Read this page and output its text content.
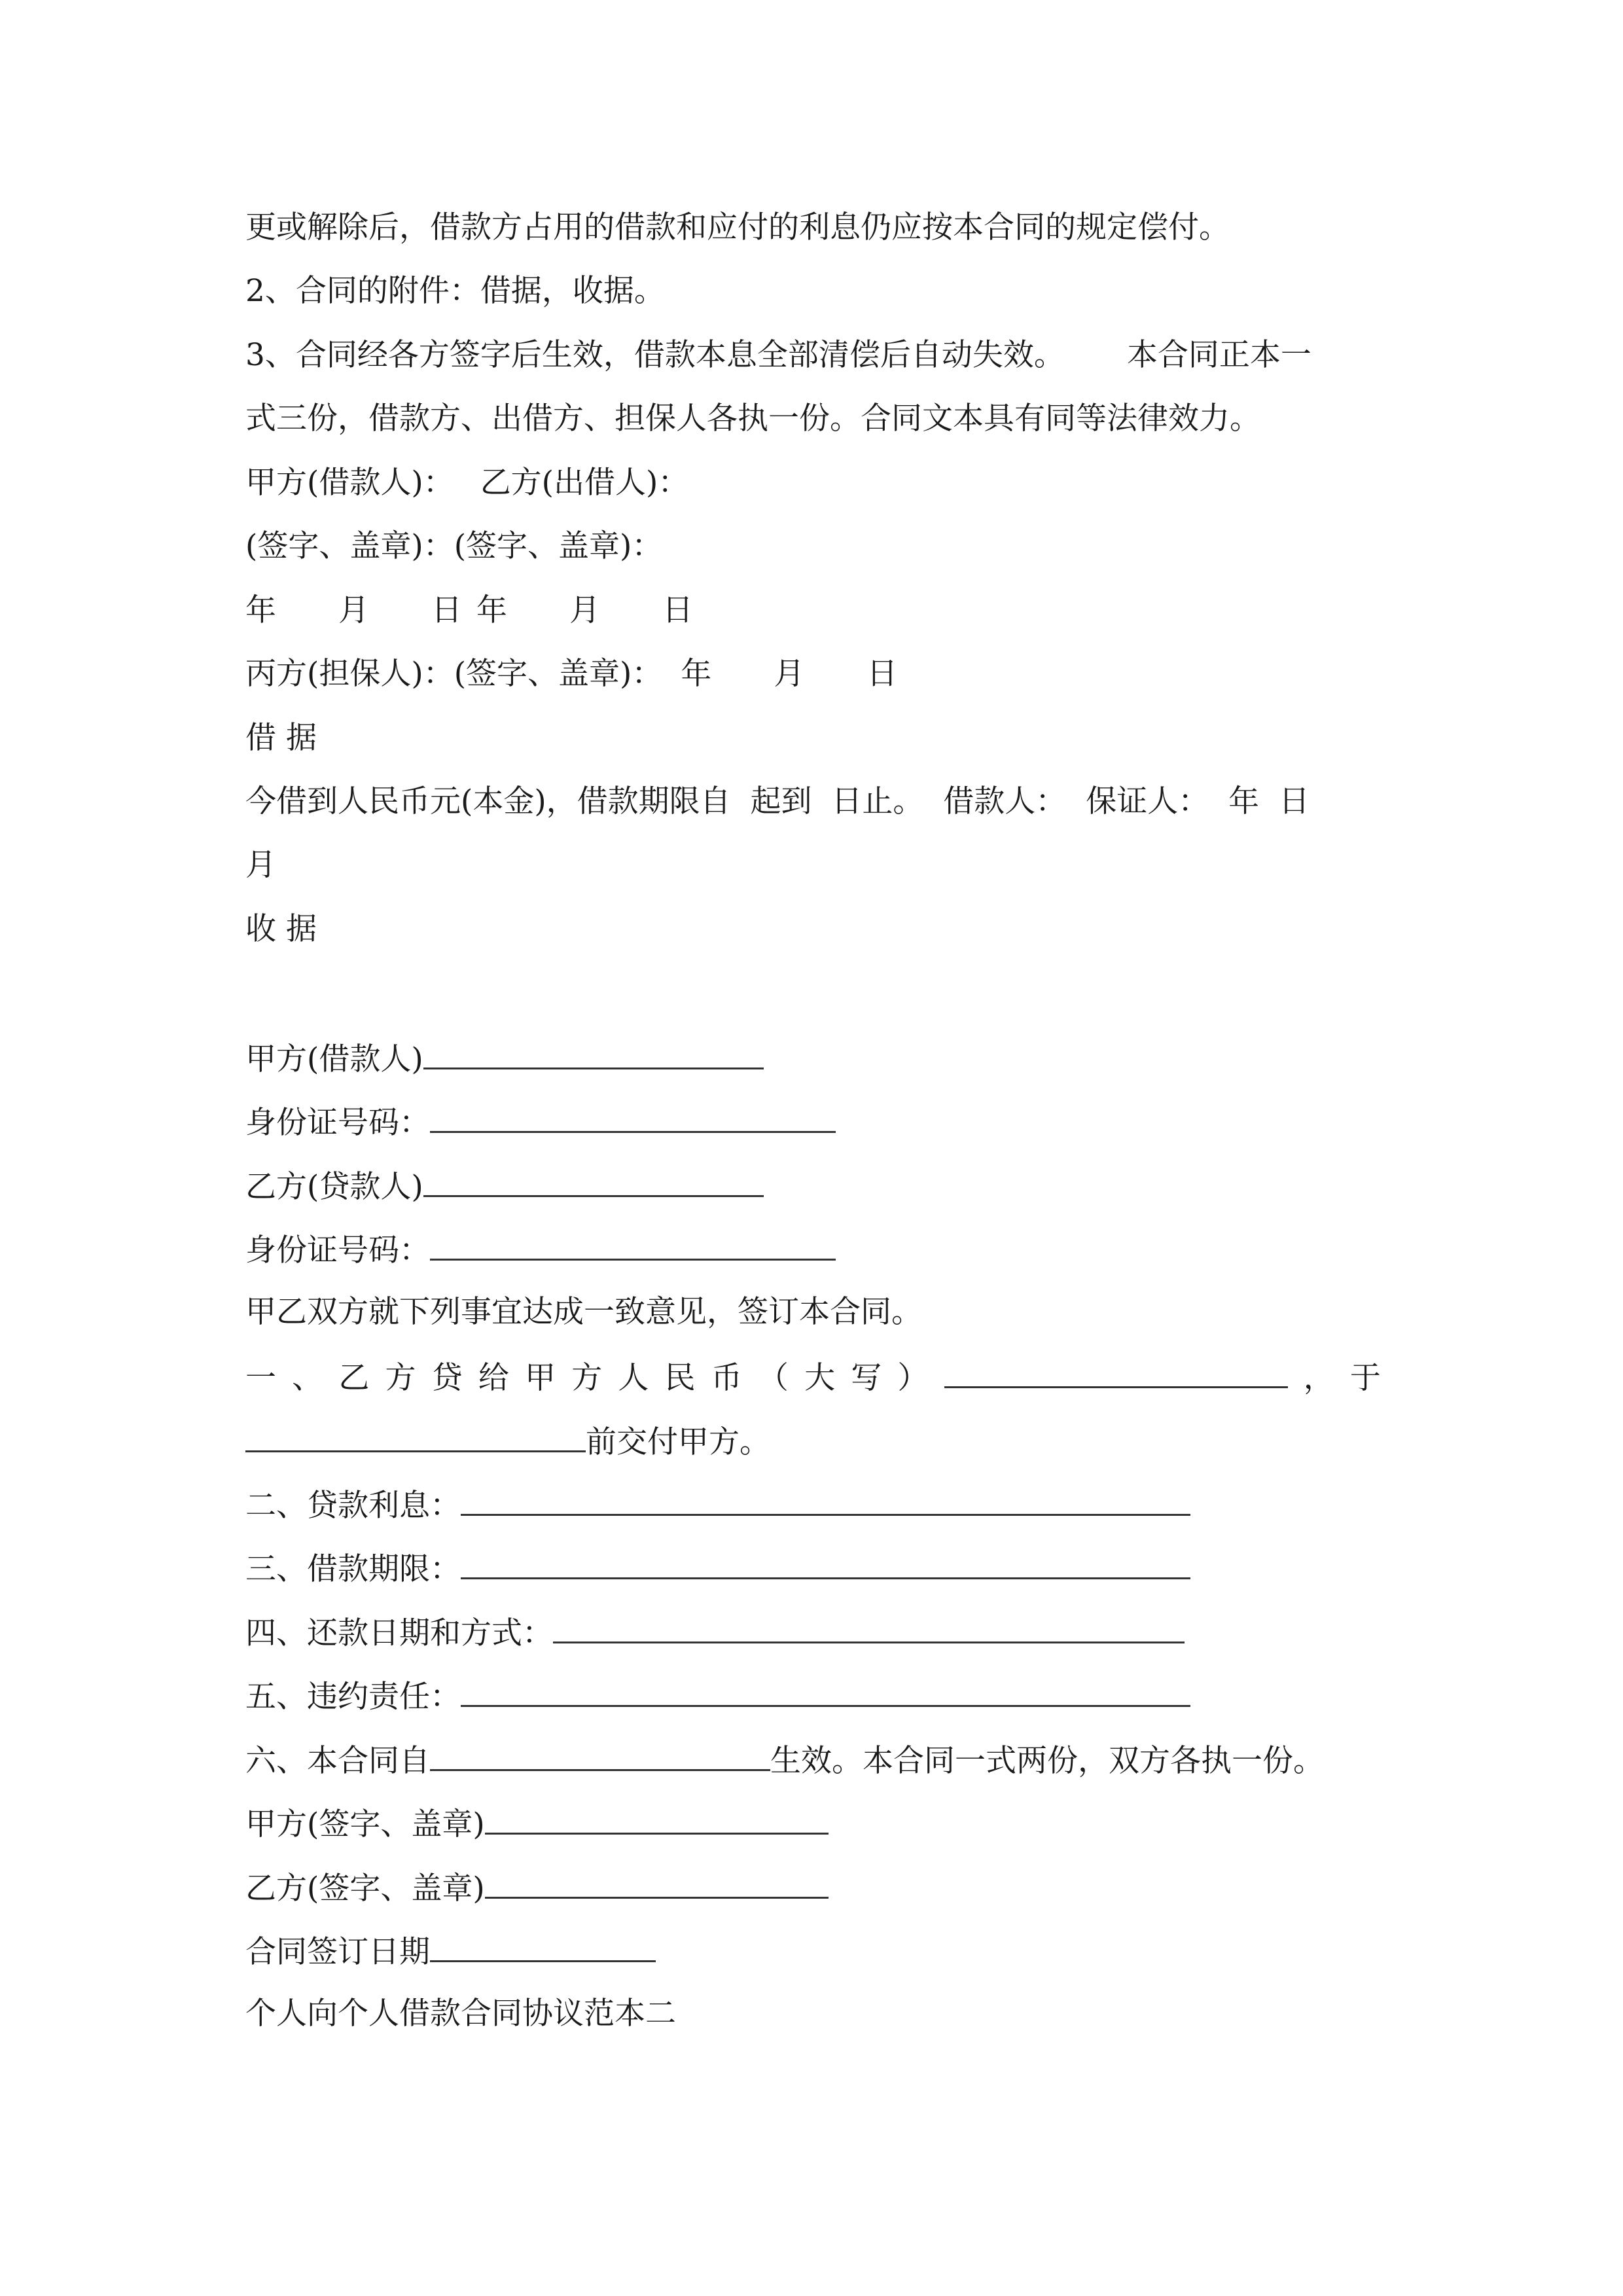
更或解除后，借款方占用的借款和应付的利息仍应按本合同的规定偿付。
2、合同的附件：借据，收据。
3、合同经各方签字后生效，借款本息全部清偿后自动失效。 本合同正本一
式三份，借款方、出借方、担保人各执一份。合同文本具有同等法律效力。
甲方(借款人)： 乙方(出借人)：
(签字、盖章)：(签字、盖章)：
年 月 日 年 月 日
丙方(担保人)：(签字、盖章)： 年 月 日
借 据
今借到人民币元(本金)，借款期限自  起到  日止。  借款人：  保证人：  年  日
月
收 据
甲方(借款人)
身份证号码：
乙方(贷款人)
身份证号码：
甲乙双方就下列事宜达成一致意见，签订本合同。
一 、 乙 方 贷 给 甲 方 人 民 币 （ 大 写 ）	， 于
前交付甲方。
二、贷款利息：
三、借款期限：
四、还款日期和方式：
五、违约责任：
六、本合同自	生效。本合同一式两份，双方各执一份。
甲方(签字、盖章)
乙方(签字、盖章)
合同签订日期
个人向个人借款合同协议范本二
